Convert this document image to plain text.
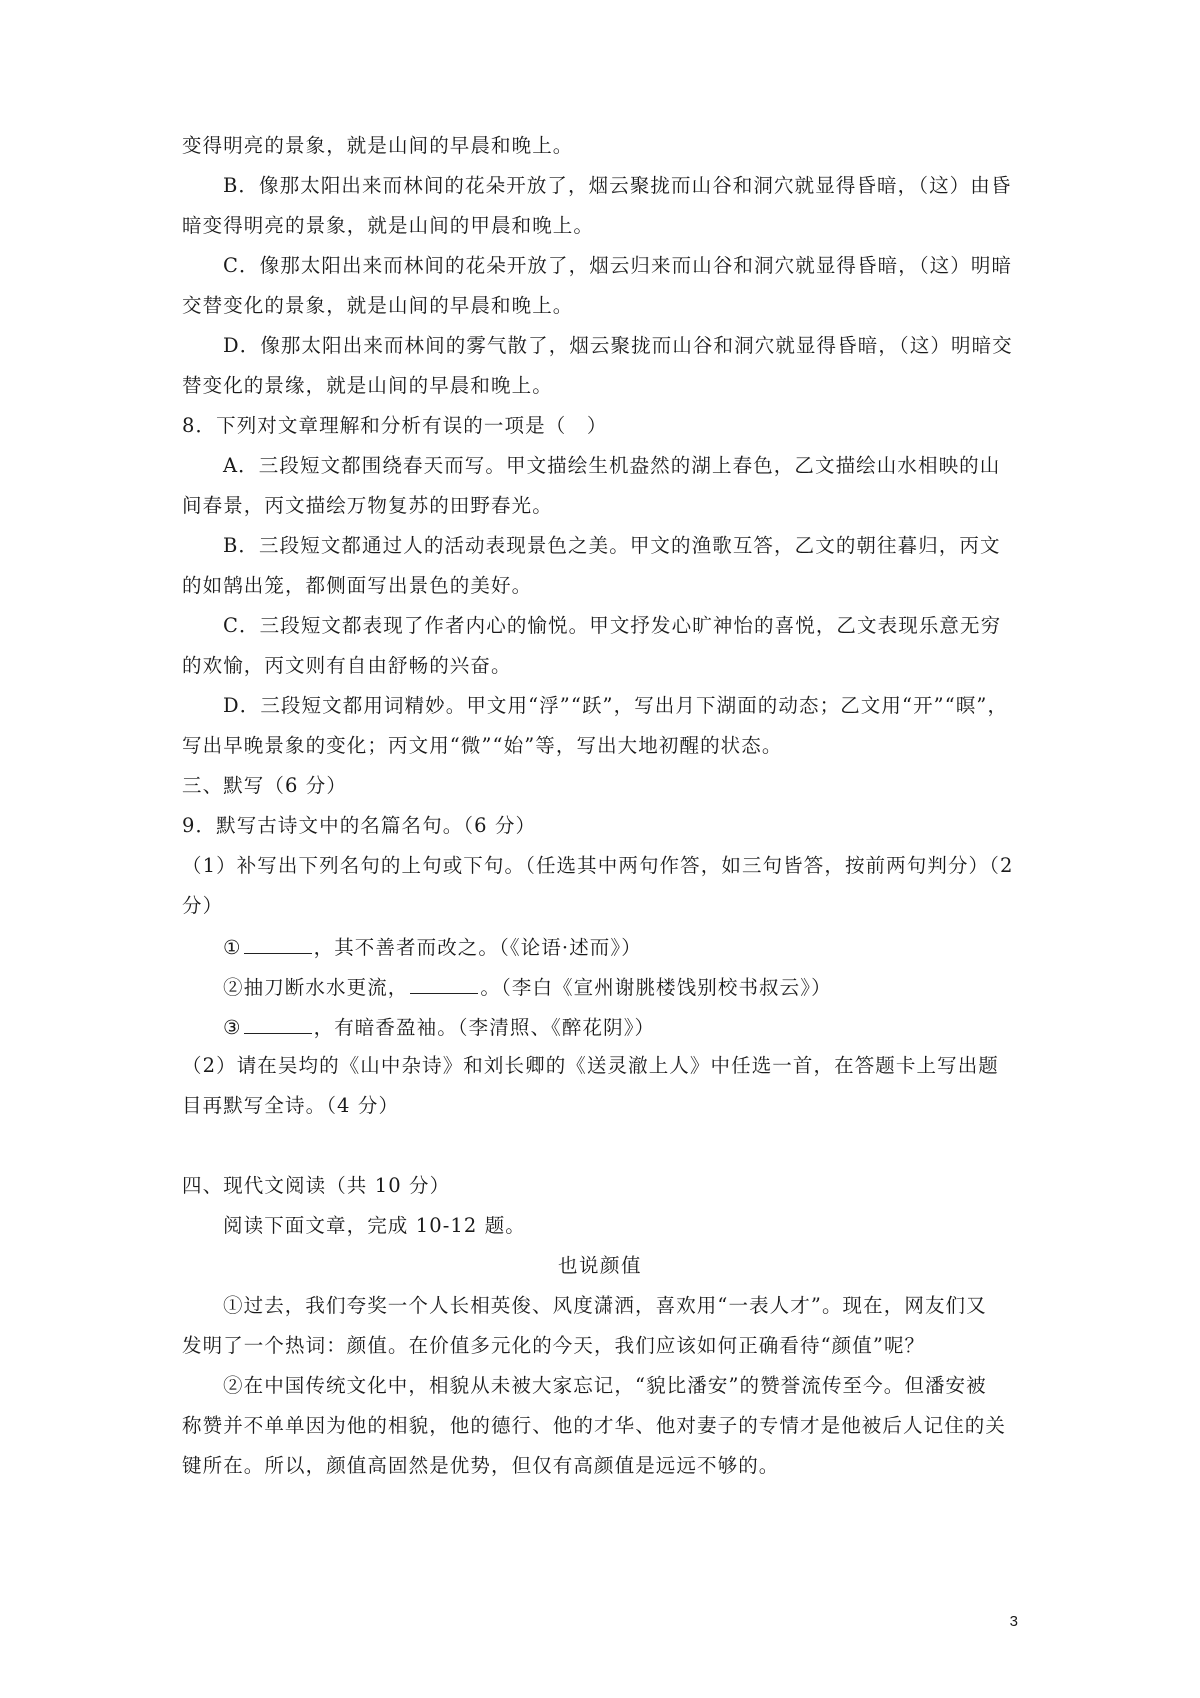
变得明亮的景象，就是山间的早晨和晚上。
B．像那太阳出来而林间的花朵开放了，烟云聚拢而山谷和洞穴就显得昏暗，（这）由昏
暗变得明亮的景象，就是山间的甲晨和晚上。
C．像那太阳出来而林间的花朵开放了，烟云归来而山谷和洞穴就显得昏暗，（这）明暗
交替变化的景象，就是山间的早晨和晚上。
D．像那太阳出来而林间的雾气散了，烟云聚拢而山谷和洞穴就显得昏暗，（这）明暗交
替变化的景缘，就是山间的早晨和晚上。
8．下列对文章理解和分析有误的一项是（　）
A．三段短文都围绕春天而写。甲文描绘生机盎然的湖上春色，乙文描绘山水相映的山
间春景，丙文描绘万物复苏的田野春光。
B．三段短文都通过人的活动表现景色之美。甲文的渔歌互答，乙文的朝往暮归，丙文
的如鹄出笼，都侧面写出景色的美好。
C．三段短文都表现了作者内心的愉悦。甲文抒发心旷神怡的喜悦，乙文表现乐意无穷
的欢愉，丙文则有自由舒畅的兴奋。
D．三段短文都用词精妙。甲文用“浮”“跃”，写出月下湖面的动态；乙文用“开”“暝”，
写出早晚景象的变化；丙文用“微”“始”等，写出大地初醒的状态。
三、默写（6 分）
9．默写古诗文中的名篇名句。（6 分）
（1）补写出下列名句的上句或下句。（任选其中两句作答，如三句皆答，按前两句判分）（2
分）
①	，其不善者而改之。（《论语·述而》）
②抽刀断水水更流，	。（李白《宣州谢朓楼饯别校书叔云》）
③	，有暗香盈袖。（李清照、《醉花阴》）
（2）请在吴均的《山中杂诗》和刘长卿的《送灵澈上人》中任选一首，在答题卡上写出题
目再默写全诗。（4 分）
四、现代文阅读（共 10 分）
阅读下面文章，完成 10-12 题。
也说颜值
①过去，我们夸奖一个人长相英俊、风度潇洒，喜欢用“一表人才”。现在，网友们又
发明了一个热词：颜值。在价值多元化的今天，我们应该如何正确看待“颜值”呢？
②在中国传统文化中，相貌从未被大家忘记，“貌比潘安”的赞誉流传至今。但潘安被
称赞并不单单因为他的相貌，他的德行、他的才华、他对妻子的专情才是他被后人记住的关
键所在。所以，颜值高固然是优势，但仅有高颜值是远远不够的。
3
